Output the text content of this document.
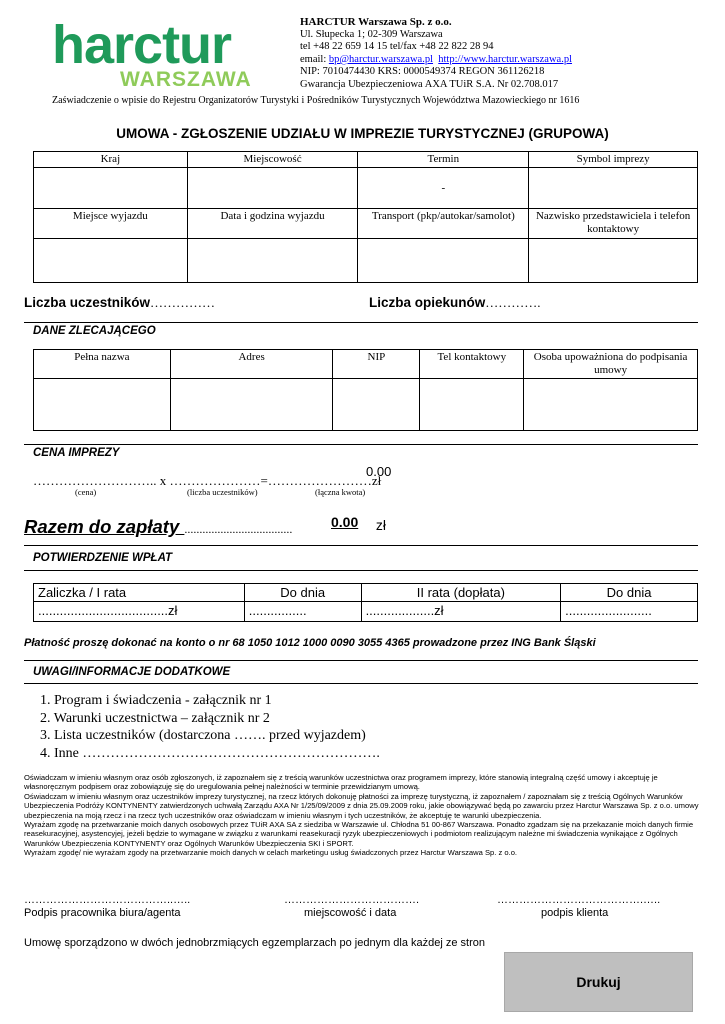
harctur
WARSZAWA
HARCTUR Warszawa Sp. z o.o.
Ul. Słupecka 1; 02-309 Warszawa
tel +48 22 659 14 15 tel/fax +48 22 822 28 94
email: bp@harctur.warszawa.pl http://www.harctur.warszawa.pl
NIP: 7010474430 KRS: 0000549374 REGON 361126218
Gwarancja Ubezpieczeniowa AXA TUiR S.A. Nr 02.708.017
Zaświadczenie o wpisie do Rejestru Organizatorów Turystyki i Pośredników Turystycznych Województwa Mazowieckiego nr 1616
UMOWA - ZGŁOSZENIE UDZIAŁU W IMPREZIE TURYSTYCZNEJ (GRUPOWA)
Kraj	Miejscowość	Termin	Symbol imprezy
		-	
Miejsce wyjazdu	Data i godzina wyjazdu	Transport (pkp/autokar/samolot)	Nazwisko przedstawiciela i telefon kontaktowy

Liczba uczestników……………	Liczba opiekunów………….
DANE ZLECAJĄCEGO
Pełna nazwa	Adres	NIP	Tel kontaktowy	Osoba upoważniona do podpisania umowy

CENA IMPREZY
0.00
……………………….. x …………………=……………………zł
(cena)	(liczba uczestników)	(łączna kwota)
Razem do zapłaty ....................................	0.00 zł
POTWIERDZENIE WPŁAT
Zaliczka / I rata	Do dnia	II rata (dopłata)	Do dnia
....................................zł	................	...................zł	........................
Płatność proszę dokonać na konto o nr 68 1050 1012 1000 0090 3055 4365 prowadzone przez ING Bank Śląski
UWAGI/INFORMACJE DODATKOWE
1. Program i świadczenia - załącznik nr 1
2. Warunki uczestnictwa – załącznik nr 2
3. Lista uczestników (dostarczona ……. przed wyjazdem)
4. Inne ……………………………………………………….
Oświadczam w imieniu własnym oraz osób zgłoszonych, iż zapoznałem się z treścią warunków uczestnictwa oraz programem imprezy, które stanowią integralną część umowy i akceptuję je własnoręcznym podpisem oraz zobowiązuję się do uregulowania pełnej należności w terminie przewidzianym umową.
Oświadczam w imieniu własnym oraz uczestników imprezy turystycznej, na rzecz których dokonuję płatności za imprezę turystyczną, iż zapoznałem / zapoznałam się z treścią Ogólnych Warunków Ubezpieczenia Podróży KONTYNENTY zatwierdzonych uchwałą Zarządu AXA Nr 1/25/09/2009 z dnia 25.09.2009 roku, jakie obowiązywać będą po zawarciu przez Harctur Warszawa Sp. z o.o. umowy ubezpieczenia na moją rzecz i na rzecz tych uczestników oraz oświadczam w imieniu własnym i tych uczestników, że akceptuję te warunki ubezpieczenia.
Wyrażam zgodę na przetwarzanie moich danych osobowych przez TUiR AXA SA z siedziba w Warszawie ul. Chłodna 51 00-867 Warszawa. Ponadto zgadzam się na przekazanie moich danych firmie reasekuracyjnej, asystencyjej, jeżeli będzie to wymagane w związku z warunkami reasekuracji ryzyk ubezpieczeniowych i podmiotom realizującym należne mi świadczenia wynikające z Ogólnych Warunków Ubezpieczenia KONTYNENTY oraz Ogólnych Warunków Ubezpieczenia SKI i SPORT.
Wyrażam zgodę/ nie wyrażam zgody na przetwarzanie moich danych w celach marketingu usług świadczonych przez Harctur Warszawa Sp. z o.o.
…………………………………..…..	……………………………….	………………………………….…..
Podpis pracownika biura/agenta	miejscowość i data	podpis klienta
Umowę sporządzono w dwóch jednobrzmiących egzemplarzach po jednym dla każdej ze stron
Drukuj
